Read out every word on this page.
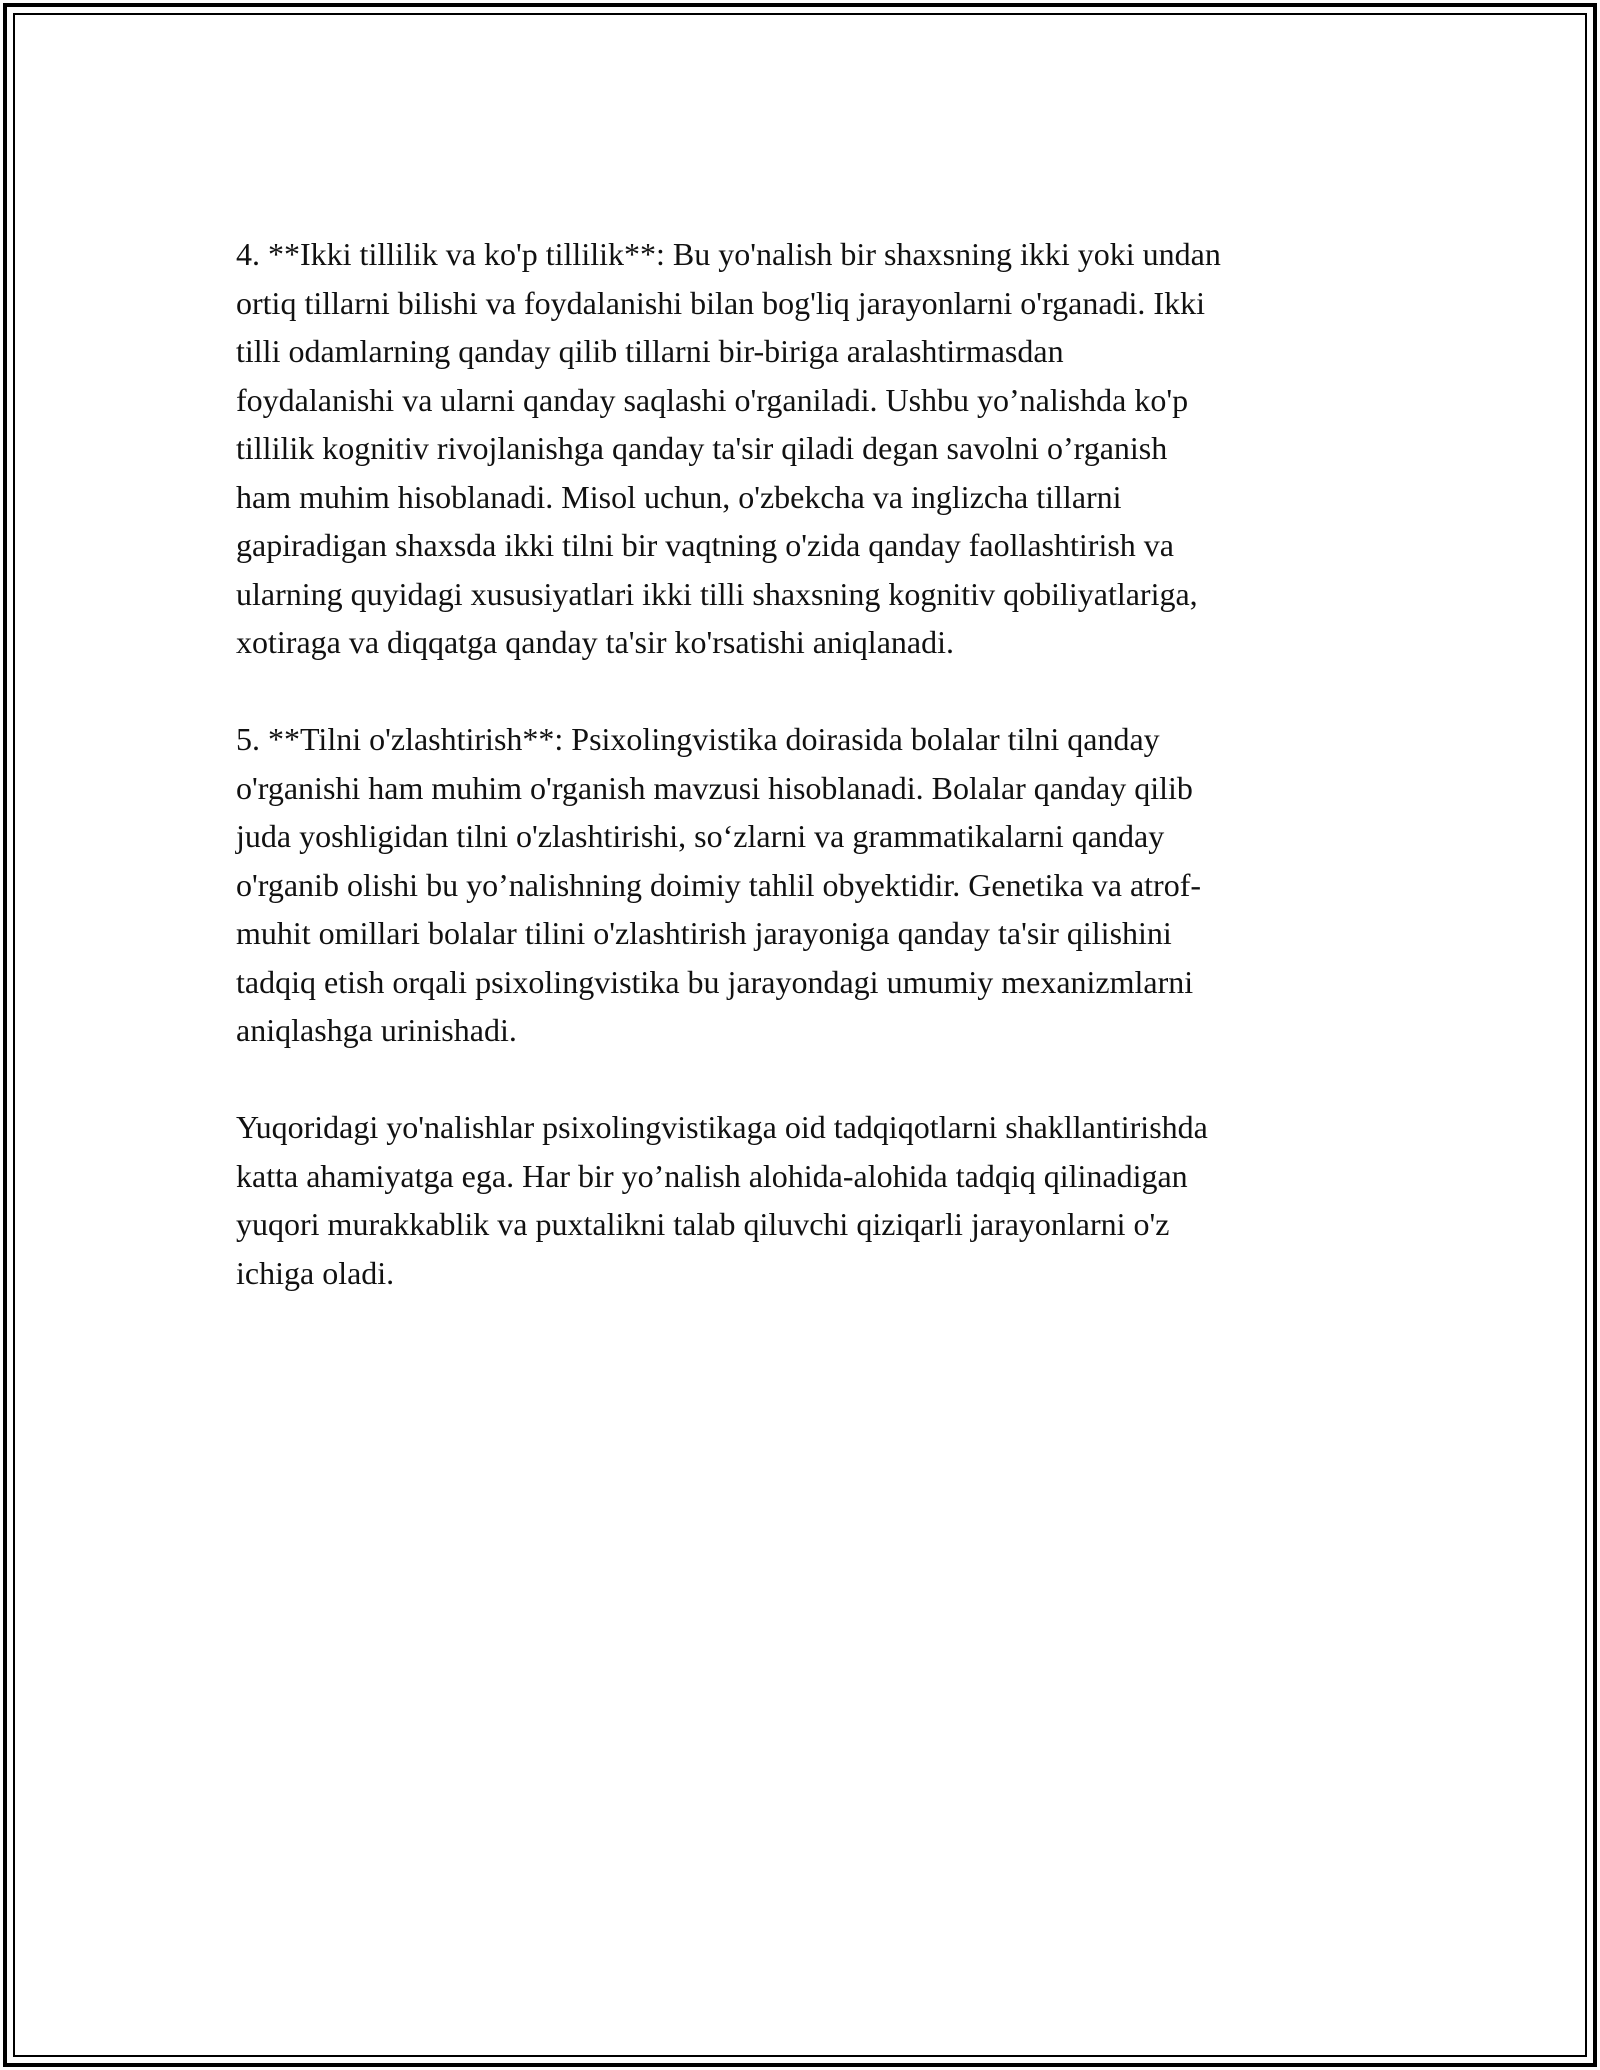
4. **Ikki tillilik va ko'p tillilik**: Bu yo'nalish bir shaxsning ikki yoki undan
ortiq tillarni bilishi va foydalanishi bilan bog'liq jarayonlarni o'rganadi. Ikki
tilli odamlarning qanday qilib tillarni bir-biriga aralashtirmasdan
foydalanishi va ularni qanday saqlashi o'rganiladi. Ushbu yo’nalishda ko'p
tillilik kognitiv rivojlanishga qanday ta'sir qiladi degan savolni o’rganish
ham muhim hisoblanadi. Misol uchun, o'zbekcha va inglizcha tillarni
gapiradigan shaxsda ikki tilni bir vaqtning o'zida qanday faollashtirish va
ularning quyidagi xususiyatlari ikki tilli shaxsning kognitiv qobiliyatlariga,
xotiraga va diqqatga qanday ta'sir ko'rsatishi aniqlanadi.
5. **Tilni o'zlashtirish**: Psixolingvistika doirasida bolalar tilni qanday
o'rganishi ham muhim o'rganish mavzusi hisoblanadi. Bolalar qanday qilib
juda yoshligidan tilni o'zlashtirishi, so‘zlarni va grammatikalarni qanday
o'rganib olishi bu yo’nalishning doimiy tahlil obyektidir. Genetika va atrof-
muhit omillari bolalar tilini o'zlashtirish jarayoniga qanday ta'sir qilishini
tadqiq etish orqali psixolingvistika bu jarayondagi umumiy mexanizmlarni
aniqlashga urinishadi.
Yuqoridagi yo'nalishlar psixolingvistikaga oid tadqiqotlarni shakllantirishda
katta ahamiyatga ega. Har bir yo’nalish alohida-alohida tadqiq qilinadigan
yuqori murakkablik va puxtalikni talab qiluvchi qiziqarli jarayonlarni o'z
ichiga oladi.
